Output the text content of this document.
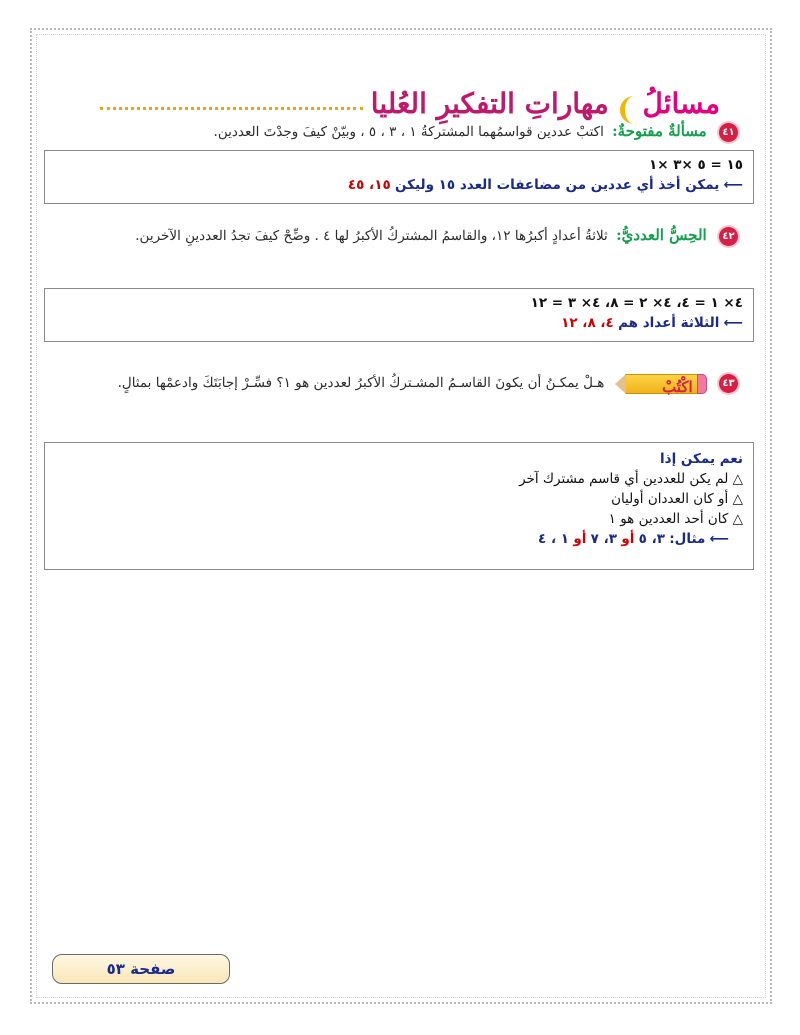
مسائلُ مهاراتِ التفكيرِ العُليا
٤١ مسألةٌ مفتوحةٌ: اكتبْ عددين قواسمُهما المشتركةُ ١ ، ٣ ، ٥ ، وبيّنْ كيفَ وجدْتَ العددين.
١٥ = ٥ ×٣ ×١
⟵ يمكن أخذ أي عددين من مضاعفات العدد ١٥ وليكن ١٥، ٤٥
٤٢ الحِسُّ العدديُّ: ثلاثةُ أعدادٍ أكبرُها ١٢، والقاسمُ المشتركُ الأكبرُ لها ٤ . وضِّحْ كيفَ تجدُ العددينِ الآخرين.
٤× ١ = ٤، ٤× ٢ = ٨، ٤× ٣ = ١٢
⟵ الثلاثة أعداد هم ٤، ٨، ١٢
٤٣
اكْتُبْ
هـلْ يمكـنُ أن يكونَ القاسـمُ المشـتركُ الأكبرُ لعددين هو ١؟ فسِّـرْ إجابَتَكَ وادعمْها بمثالٍ.
نعم يمكن إذا
△ لم يكن للعددين أي قاسم مشترك آخر
△ أو كان العددان أوليان
△ كان أحد العددين هو ١
⟵ مثال: ٣، ٥ أو ٣، ٧ أو ١ ، ٤
صفحة ٥٣
